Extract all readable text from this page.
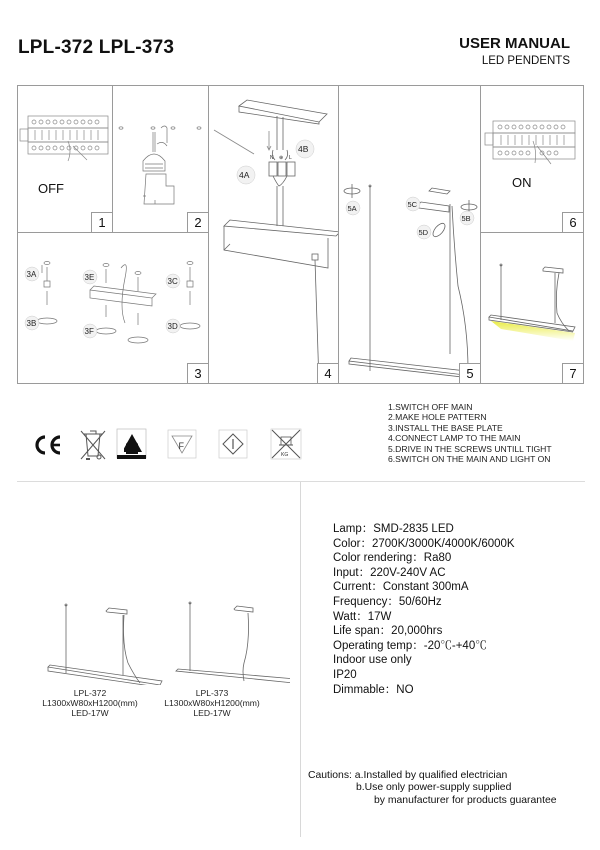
LPL-372 LPL-373	USER MANUAL
LED PENDENTS
OFF
1	2
3A
3B
3E
3F
3C
3D
3
4B
4A
N ⊕ L
4
5A	5C
5B
5D
5
ON
6
7
1.SWITCH OFF MAIN
2.MAKE HOLE PATTERN
3.INSTALL THE BASE PLATE
4.CONNECT LAMP TO THE MAIN
5.DRIVE IN THE SCREWS UNTILL TIGHT
6.SWITCH ON THE MAIN AND LIGHT ON
F
KG
LPL-372
L1300xW80xH1200(mm)
LED-17W
LPL-373
L1300xW80xH1200(mm)
LED-17W
Lamp：SMD-2835 LED
Color：2700K/3000K/4000K/6000K
Color rendering：Ra80
Input：220V-240V AC
Current：Constant 300mA
Frequency：50/60Hz
Watt：17W
Life span：20,000hrs
Operating temp：-20℃-+40℃
Indoor use only
IP20
Dimmable：NO
Cautions: a.Installed by qualified electrician
b.Use only power-supply supplied
by manufacturer for products guarantee
